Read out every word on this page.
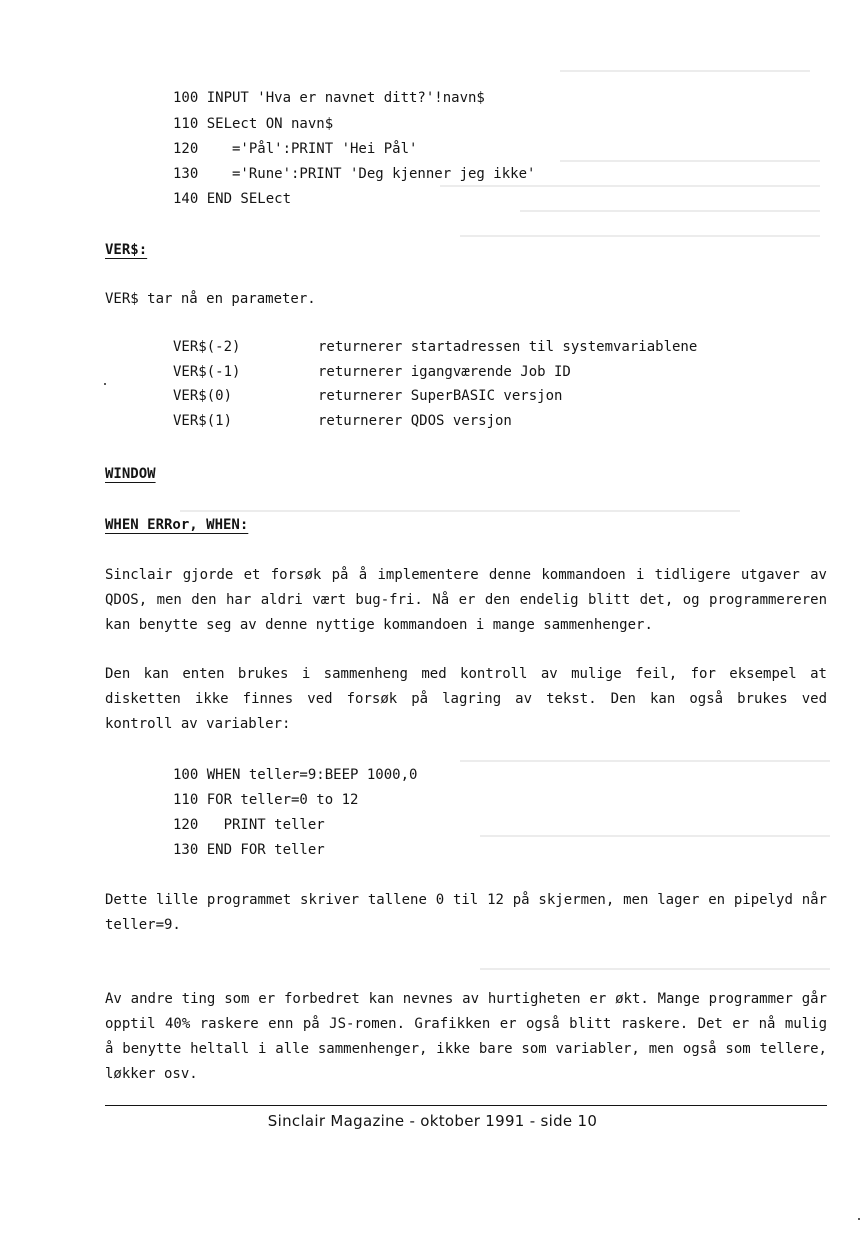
100 INPUT 'Hva er navnet ditt?'!navn$
110 SELect ON navn$
120    ='Pål':PRINT 'Hei Pål'
130    ='Rune':PRINT 'Deg kjenner jeg ikke'
140 END SELect
VER$:
VER$ tar nå en parameter.
VER$(-2)	returnerer startadressen til systemvariablene
VER$(-1)	returnerer igangværende Job ID
VER$(0)	returnerer SuperBASIC versjon
VER$(1)	returnerer QDOS versjon
WINDOW
WHEN ERRor, WHEN:
Sinclair gjorde et forsøk på å implementere denne kommandoen i tidligere utgaver av QDOS, men den har aldri vært bug-fri. Nå er den endelig blitt det, og programmereren kan benytte seg av denne nyttige kommandoen i mange sammenhenger.
Den kan enten brukes i sammenheng med kontroll av mulige feil, for eksempel at disketten ikke finnes ved forsøk på lagring av tekst. Den kan også brukes ved kontroll av variabler:
100 WHEN teller=9:BEEP 1000,0
110 FOR teller=0 to 12
120   PRINT teller
130 END FOR teller
Dette lille programmet skriver tallene 0 til 12 på skjermen, men lager en pipelyd når teller=9.
Av andre ting som er forbedret kan nevnes av hurtigheten er økt. Mange programmer går opptil 40% raskere enn på JS-romen. Grafikken er også blitt raskere. Det er nå mulig å benytte heltall i alle sammenhenger, ikke bare som variabler, men også som tellere, løkker osv.
Sinclair Magazine - oktober 1991 - side 10
